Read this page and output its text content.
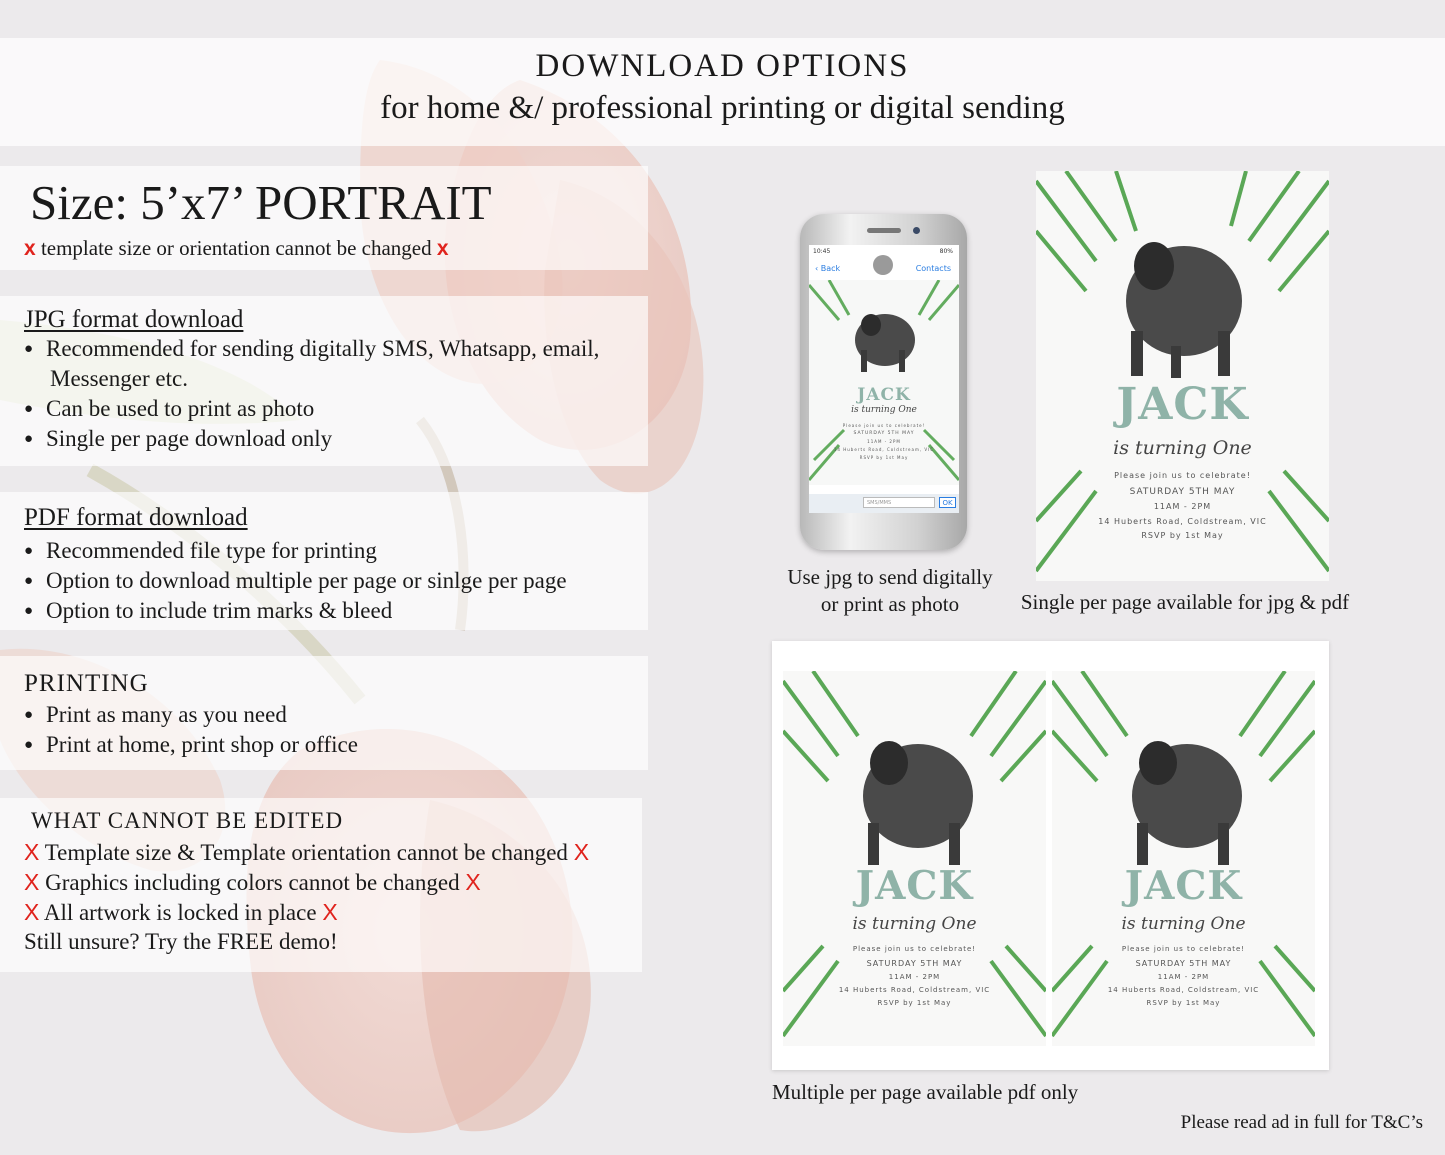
DOWNLOAD OPTIONS
for home &/ professional printing or digital sending
Size: 5’x7’ PORTRAIT
x template size or orientation cannot be changed x
JPG format download
● Recommended for sending digitally SMS, Whatsapp, email,
Messenger etc.
● Can be used to print as photo
● Single per page download only
PDF format download
● Recommended file type for printing
● Option to download multiple per page or sinlge per page
● Option to include trim marks & bleed
PRINTING
● Print as many as you need
● Print at home, print shop or office
WHAT CANNOT BE EDITED
X Template size & Template orientation cannot be changed X
X Graphics including colors cannot be changed X
X All artwork is locked in place X
Still unsure? Try the FREE demo!
10:45	80%
‹ Back	Contacts
JACK
is turning One
Please join us to celebrate!
SATURDAY 5TH MAY
11AM - 2PM
14 Huberts Road, Coldstream, VIC
RSVP by 1st May
SMS/MMS	OK
Use jpg to send digitally
or print as photo
JACK
is turning One
Please join us to celebrate!
SATURDAY 5TH MAY
11AM - 2PM
14 Huberts Road, Coldstream, VIC
RSVP by 1st May
Single per page available for jpg & pdf
JACK
is turning One
Please join us to celebrate!
SATURDAY 5TH MAY
11AM - 2PM
14 Huberts Road, Coldstream, VIC
RSVP by 1st May
JACK
is turning One
Please join us to celebrate!
SATURDAY 5TH MAY
11AM - 2PM
14 Huberts Road, Coldstream, VIC
RSVP by 1st May
Multiple per page available pdf only
Please read ad in full for T&C’s
